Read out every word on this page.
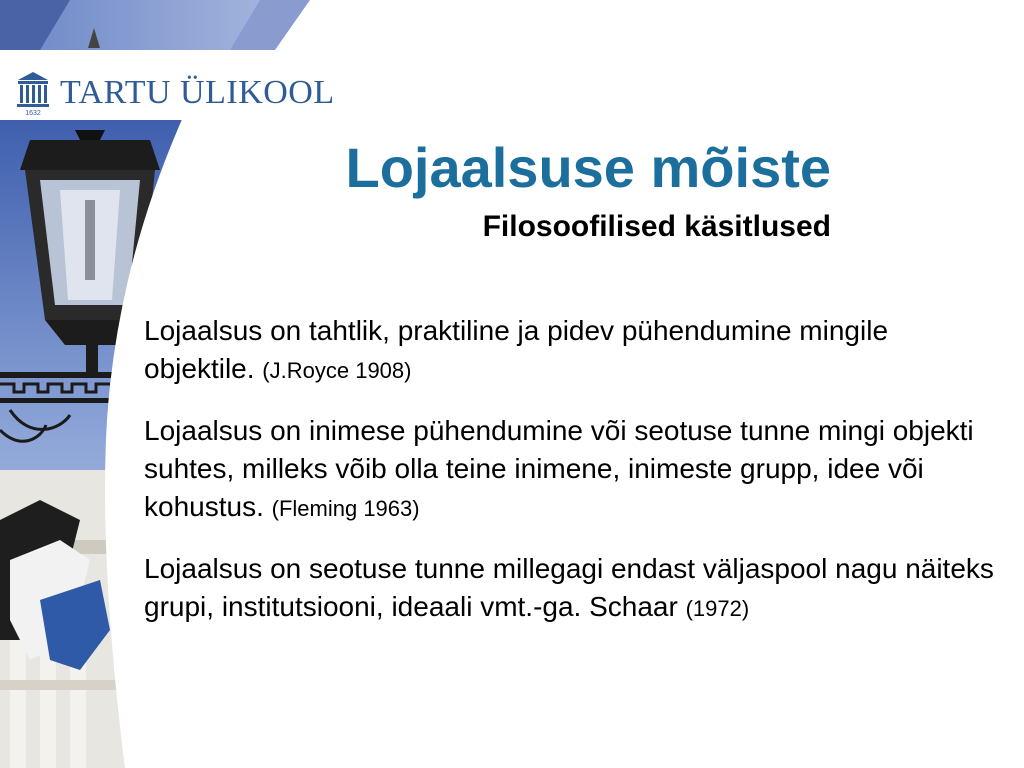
1632
TARTU ÜLIKOOL
Lojaalsuse mõiste
Filosoofilised käsitlused

Lojaalsus on tahtlik, praktiline ja pidev pühendumine mingile objektile. (J.Royce 1908)

Lojaalsus on inimese pühendumine või seotuse tunne mingi objekti suhtes, milleks võib olla teine inimene, inimeste grupp, idee või kohustus. (Fleming 1963)

Lojaalsus on seotuse tunne millegagi endast väljaspool nagu näiteks grupi, institutsiooni, ideaali vmt.-ga. Schaar (1972)
